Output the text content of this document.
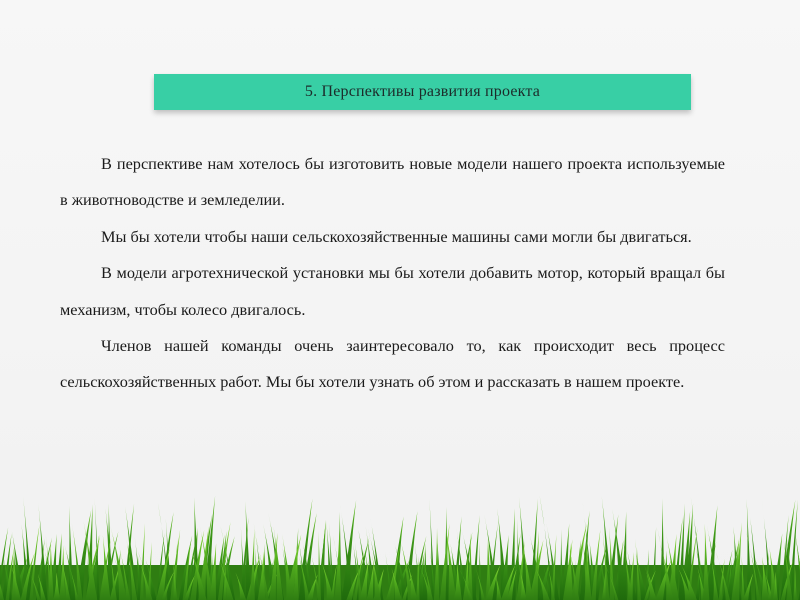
5. Перспективы развития проекта

В перспективе нам хотелось бы изготовить новые модели нашего проекта используемые в животноводстве и земледелии.

Мы бы хотели чтобы наши сельскохозяйственные машины сами могли бы двигаться.

В модели агротехнической установки мы бы хотели добавить мотор, который вращал бы механизм, чтобы колесо двигалось.

Членов нашей команды очень заинтересовало то, как происходит весь процесс сельскохозяйственных работ. Мы бы хотели узнать об этом и рассказать в нашем проекте.
